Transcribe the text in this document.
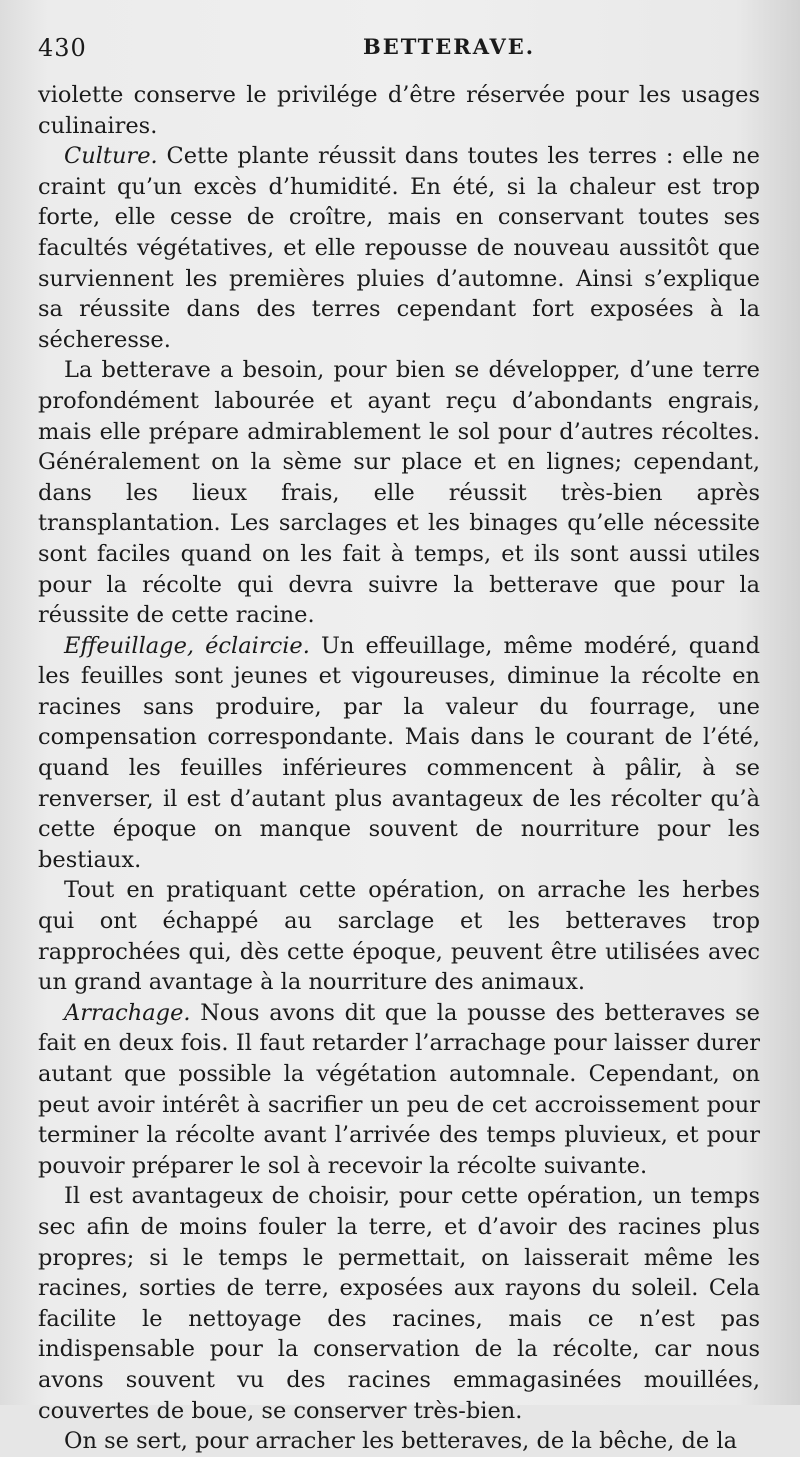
430	BETTERAVE.

violette conserve le privilége d’être réservée pour les usages culinaires.

Culture. Cette plante réussit dans toutes les terres : elle ne craint qu’un excès d’humidité. En été, si la chaleur est trop forte, elle cesse de croître, mais en conservant toutes ses facultés végétatives, et elle repousse de nouveau aussitôt que surviennent les premières pluies d’automne. Ainsi s’explique sa réussite dans des terres cependant fort exposées à la sécheresse.

La betterave a besoin, pour bien se développer, d’une terre profondément labourée et ayant reçu d’abondants engrais, mais elle prépare admirablement le sol pour d’autres récoltes. Généralement on la sème sur place et en lignes; cependant, dans les lieux frais, elle réussit très-bien après transplantation. Les sarclages et les binages qu’elle nécessite sont faciles quand on les fait à temps, et ils sont aussi utiles pour la récolte qui devra suivre la betterave que pour la réussite de cette racine.

Effeuillage, éclaircie. Un effeuillage, même modéré, quand les feuilles sont jeunes et vigoureuses, diminue la récolte en racines sans produire, par la valeur du fourrage, une compensation correspondante. Mais dans le courant de l’été, quand les feuilles inférieures commencent à pâlir, à se renverser, il est d’autant plus avantageux de les récolter qu’à cette époque on manque souvent de nourriture pour les bestiaux.

Tout en pratiquant cette opération, on arrache les herbes qui ont échappé au sarclage et les betteraves trop rapprochées qui, dès cette époque, peuvent être utilisées avec un grand avantage à la nourriture des animaux.

Arrachage. Nous avons dit que la pousse des betteraves se fait en deux fois. Il faut retarder l’arrachage pour laisser durer autant que possible la végétation automnale. Cependant, on peut avoir intérêt à sacrifier un peu de cet accroissement pour terminer la récolte avant l’arrivée des temps pluvieux, et pour pouvoir préparer le sol à recevoir la récolte suivante.

Il est avantageux de choisir, pour cette opération, un temps sec afin de moins fouler la terre, et d’avoir des racines plus propres; si le temps le permettait, on laisserait même les racines, sorties de terre, exposées aux rayons du soleil. Cela facilite le nettoyage des racines, mais ce n’est pas indispensable pour la conservation de la récolte, car nous avons souvent vu des racines emmagasinées mouillées, couvertes de boue, se conserver très-bien.

On se sert, pour arracher les betteraves, de la bêche, de la
